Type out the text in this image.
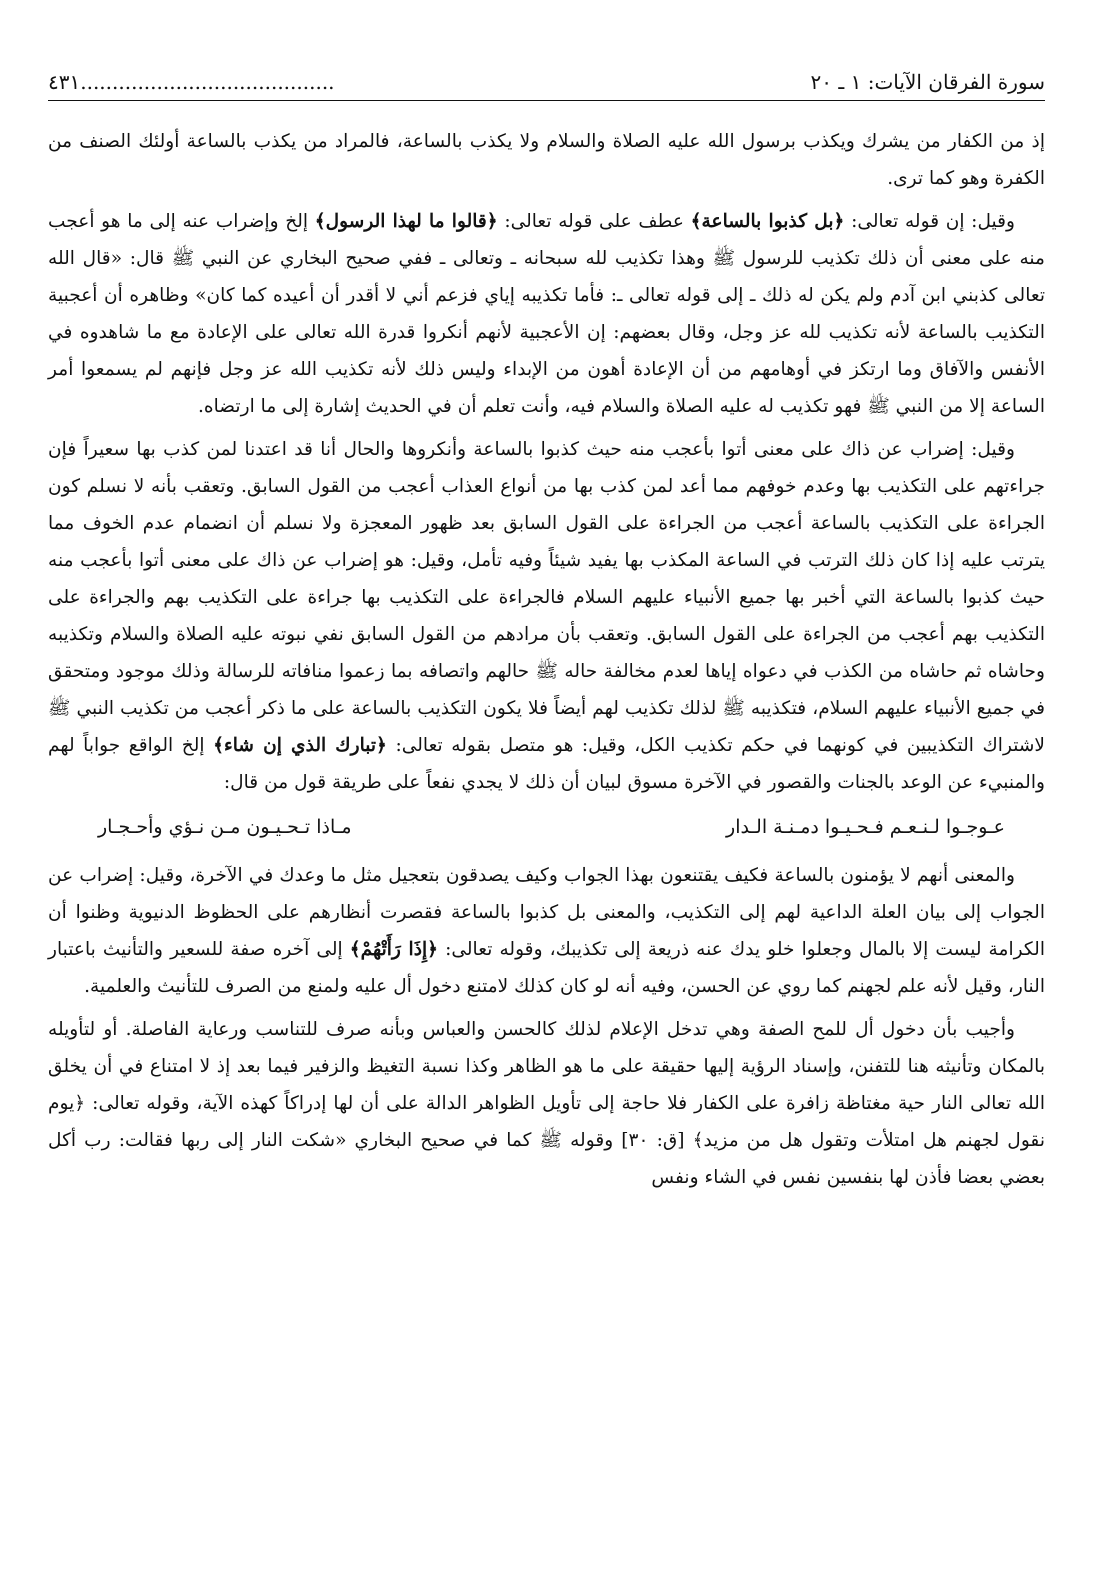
سورة الفرقان الآيات: ١ ـ ٢٠
........................................٤٣١

إذ من الكفار من يشرك ويكذب برسول الله عليه الصلاة والسلام ولا يكذب بالساعة، فالمراد من يكذب بالساعة أولئك الصنف من الكفرة وهو كما ترى.

وقيل: إن قوله تعالى: ﴿بل كذبوا بالساعة﴾ عطف على قوله تعالى: ﴿قالوا ما لهذا الرسول﴾ إلخ وإضراب عنه إلى ما هو أعجب منه على معنى أن ذلك تكذيب للرسول ﷺ وهذا تكذيب لله سبحانه ـ وتعالى ـ ففي صحيح البخاري عن النبي ﷺ قال: «قال الله تعالى كذبني ابن آدم ولم يكن له ذلك ـ إلى قوله تعالى ـ: فأما تكذيبه إياي فزعم أني لا أقدر أن أعيده كما كان» وظاهره أن أعجبية التكذيب بالساعة لأنه تكذيب لله عز وجل، وقال بعضهم: إن الأعجبية لأنهم أنكروا قدرة الله تعالى على الإعادة مع ما شاهدوه في الأنفس والآفاق وما ارتكز في أوهامهم من أن الإعادة أهون من الإبداء وليس ذلك لأنه تكذيب الله عز وجل فإنهم لم يسمعوا أمر الساعة إلا من النبي ﷺ فهو تكذيب له عليه الصلاة والسلام فيه، وأنت تعلم أن في الحديث إشارة إلى ما ارتضاه.

وقيل: إضراب عن ذاك على معنى أتوا بأعجب منه حيث كذبوا بالساعة وأنكروها والحال أنا قد اعتدنا لمن كذب بها سعيراً فإن جراءتهم على التكذيب بها وعدم خوفهم مما أعد لمن كذب بها من أنواع العذاب أعجب من القول السابق. وتعقب بأنه لا نسلم كون الجراءة على التكذيب بالساعة أعجب من الجراءة على القول السابق بعد ظهور المعجزة ولا نسلم أن انضمام عدم الخوف مما يترتب عليه إذا كان ذلك الترتب في الساعة المكذب بها يفيد شيئاً وفيه تأمل، وقيل: هو إضراب عن ذاك على معنى أتوا بأعجب منه حيث كذبوا بالساعة التي أخبر بها جميع الأنبياء عليهم السلام فالجراءة على التكذيب بها جراءة على التكذيب بهم والجراءة على التكذيب بهم أعجب من الجراءة على القول السابق. وتعقب بأن مرادهم من القول السابق نفي نبوته عليه الصلاة والسلام وتكذيبه وحاشاه ثم حاشاه من الكذب في دعواه إياها لعدم مخالفة حاله ﷺ حالهم واتصافه بما زعموا منافاته للرسالة وذلك موجود ومتحقق في جميع الأنبياء عليهم السلام، فتكذيبه ﷺ لذلك تكذيب لهم أيضاً فلا يكون التكذيب بالساعة على ما ذكر أعجب من تكذيب النبي ﷺ لاشتراك التكذيبين في كونهما في حكم تكذيب الكل، وقيل: هو متصل بقوله تعالى: ﴿تبارك الذي إن شاء﴾ إلخ الواقع جواباً لهم والمنبيء عن الوعد بالجنات والقصور في الآخرة مسوق لبيان أن ذلك لا يجدي نفعاً على طريقة قول من قال:

عـوجـوا لـنـعـم فـحـيـوا دمـنـة الـدار
مـاذا تـحـيـون مـن نـؤي وأحـجـار

والمعنى أنهم لا يؤمنون بالساعة فكيف يقتنعون بهذا الجواب وكيف يصدقون بتعجيل مثل ما وعدك في الآخرة، وقيل: إضراب عن الجواب إلى بيان العلة الداعية لهم إلى التكذيب، والمعنى بل كذبوا بالساعة فقصرت أنظارهم على الحظوظ الدنيوية وظنوا أن الكرامة ليست إلا بالمال وجعلوا خلو يدك عنه ذريعة إلى تكذيبك، وقوله تعالى: ﴿إِذَا رَأَتْهُمْ﴾ إلى آخره صفة للسعير والتأنيث باعتبار النار، وقيل لأنه علم لجهنم كما روي عن الحسن، وفيه أنه لو كان كذلك لامتنع دخول أل عليه ولمنع من الصرف للتأنيث والعلمية.

وأجيب بأن دخول أل للمح الصفة وهي تدخل الإعلام لذلك كالحسن والعباس وبأنه صرف للتناسب ورعاية الفاصلة. أو لتأويله بالمكان وتأنيثه هنا للتفنن، وإسناد الرؤية إليها حقيقة على ما هو الظاهر وكذا نسبة التغيظ والزفير فيما بعد إذ لا امتناع في أن يخلق الله تعالى النار حية مغتاظة زافرة على الكفار فلا حاجة إلى تأويل الظواهر الدالة على أن لها إدراكاً كهذه الآية، وقوله تعالى: ﴿يوم نقول لجهنم هل امتلأت وتقول هل من مزيد﴾ [ق: ٣٠] وقوله ﷺ كما في صحيح البخاري «شكت النار إلى ربها فقالت: رب أكل بعضي بعضا فأذن لها بنفسين نفس في الشاء ونفس
